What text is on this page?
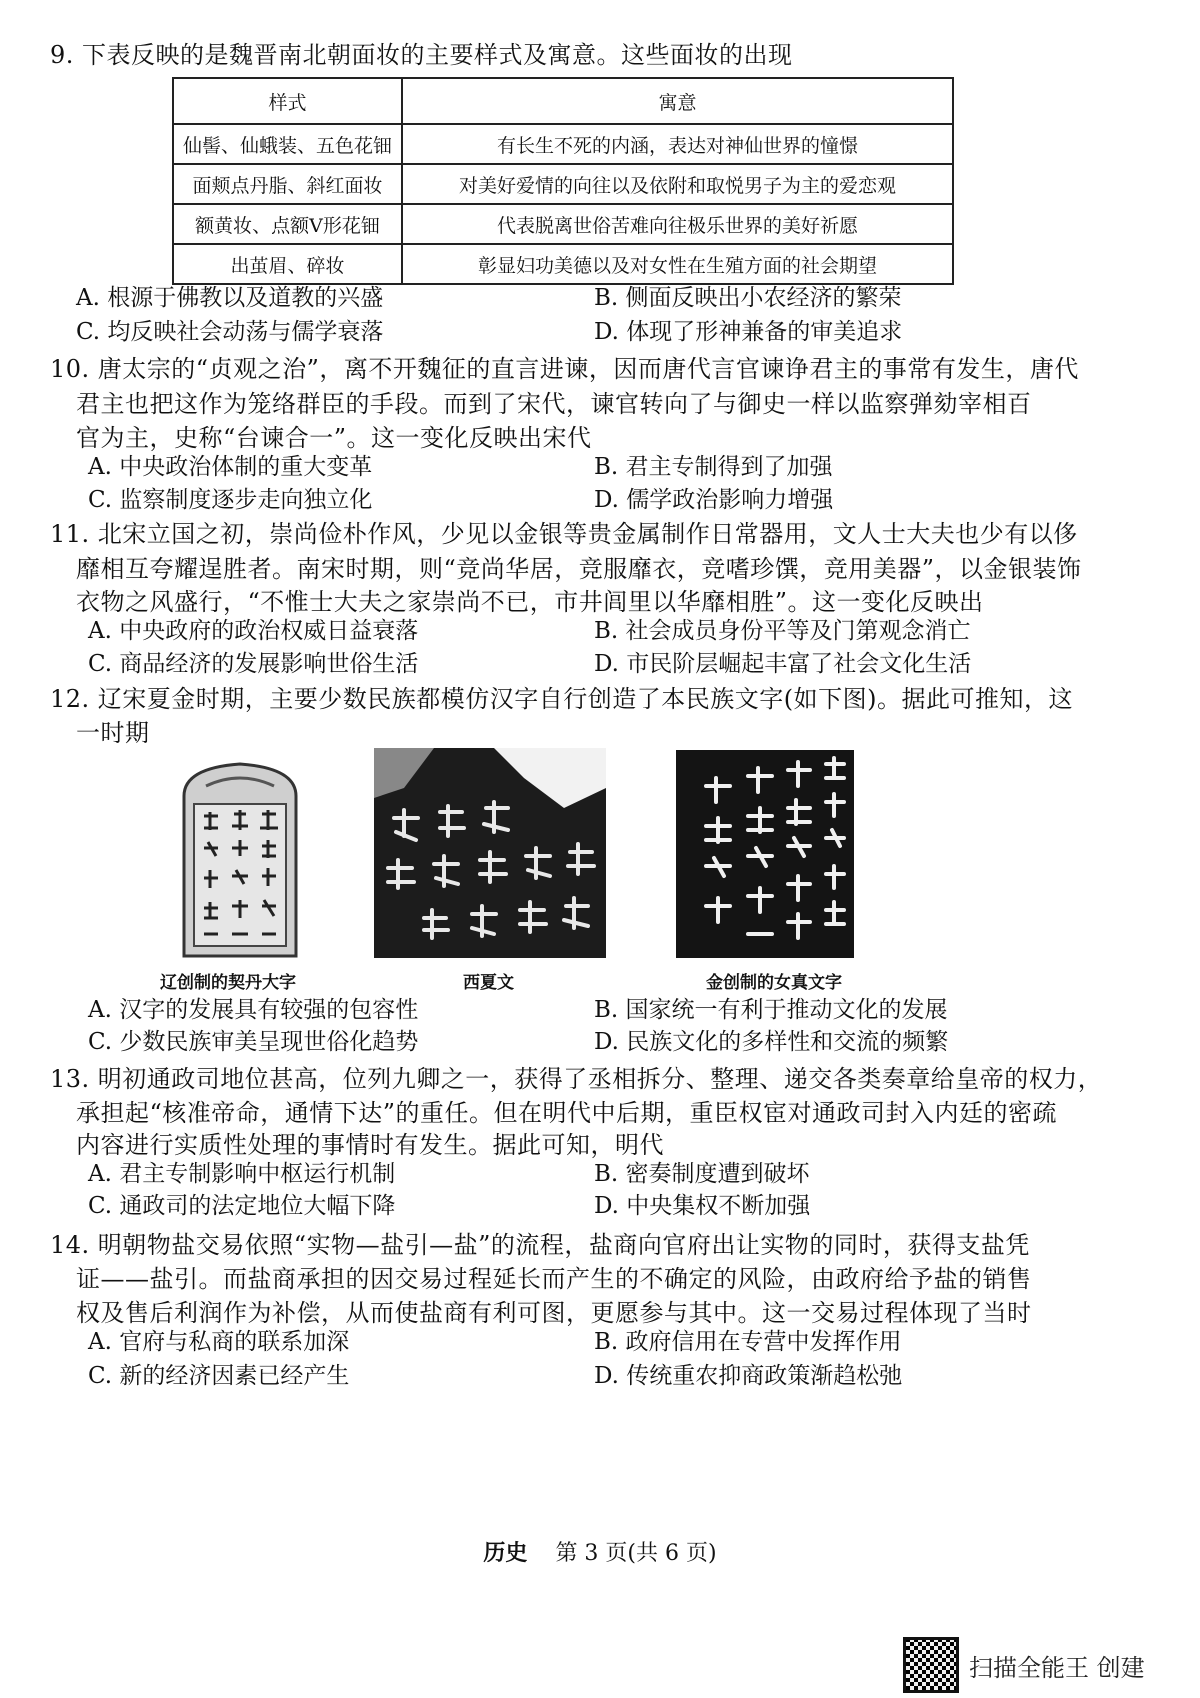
9. 下表反映的是魏晋南北朝面妆的主要样式及寓意。这些面妆的出现
样式	寓意
仙髻、仙蛾装、五色花钿	有长生不死的内涵，表达对神仙世界的憧憬
面颊点丹脂、斜红面妆	对美好爱情的向往以及依附和取悦男子为主的爱恋观
额黄妆、点额V形花钿	代表脱离世俗苦难向往极乐世界的美好祈愿
出茧眉、碎妆	彰显妇功美德以及对女性在生殖方面的社会期望
A. 根源于佛教以及道教的兴盛	B. 侧面反映出小农经济的繁荣
C. 均反映社会动荡与儒学衰落	D. 体现了形神兼备的审美追求
10. 唐太宗的“贞观之治”，离不开魏征的直言进谏，因而唐代言官谏诤君主的事常有发生，唐代
君主也把这作为笼络群臣的手段。而到了宋代，谏官转向了与御史一样以监察弹劾宰相百
官为主，史称“台谏合一”。这一变化反映出宋代
A. 中央政治体制的重大变革	B. 君主专制得到了加强
C. 监察制度逐步走向独立化	D. 儒学政治影响力增强
11. 北宋立国之初，崇尚俭朴作风，少见以金银等贵金属制作日常器用，文人士大夫也少有以侈
靡相互夸耀逞胜者。南宋时期，则“竞尚华居，竞服靡衣，竞嗜珍馔，竞用美器”，以金银装饰
衣物之风盛行，“不惟士大夫之家崇尚不已，市井闾里以华靡相胜”。这一变化反映出
A. 中央政府的政治权威日益衰落	B. 社会成员身份平等及门第观念消亡
C. 商品经济的发展影响世俗生活	D. 市民阶层崛起丰富了社会文化生活
12. 辽宋夏金时期，主要少数民族都模仿汉字自行创造了本民族文字(如下图)。据此可推知，这
一时期
辽创制的契丹大字	西夏文	金创制的女真文字
A. 汉字的发展具有较强的包容性	B. 国家统一有利于推动文化的发展
C. 少数民族审美呈现世俗化趋势	D. 民族文化的多样性和交流的频繁
13. 明初通政司地位甚高，位列九卿之一，获得了丞相拆分、整理、递交各类奏章给皇帝的权力，
承担起“核准帝命，通情下达”的重任。但在明代中后期，重臣权宦对通政司封入内廷的密疏
内容进行实质性处理的事情时有发生。据此可知，明代
A. 君主专制影响中枢运行机制	B. 密奏制度遭到破坏
C. 通政司的法定地位大幅下降	D. 中央集权不断加强
14. 明朝物盐交易依照“实物—盐引—盐”的流程，盐商向官府出让实物的同时，获得支盐凭
证——盐引。而盐商承担的因交易过程延长而产生的不确定的风险，由政府给予盐的销售
权及售后利润作为补偿，从而使盐商有利可图，更愿参与其中。这一交易过程体现了当时
A. 官府与私商的联系加深	B. 政府信用在专营中发挥作用
C. 新的经济因素已经产生	D. 传统重农抑商政策渐趋松弛
历史 第 3 页(共 6 页)
扫描全能王 创建
